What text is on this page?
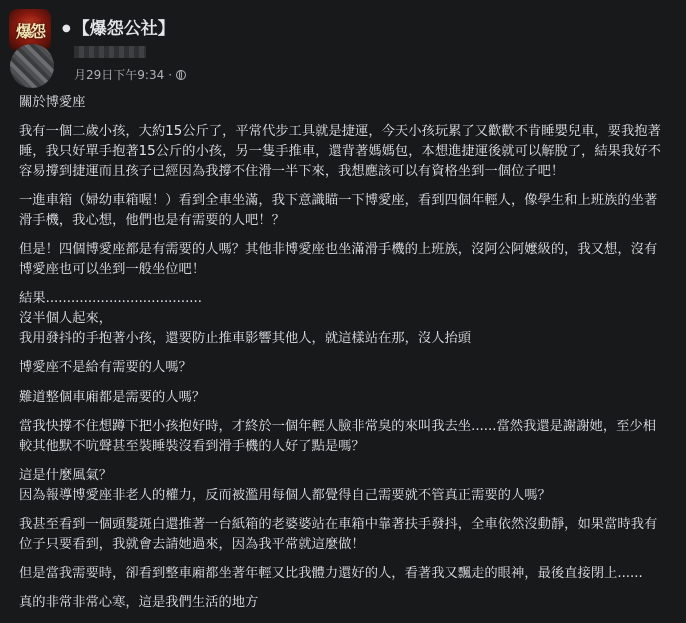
爆怨	● 【爆怨公社】
月29日下午9:34 ·

關於博愛座

我有一個二歲小孩，大約15公斤了，平常代步工具就是捷運，今天小孩玩累了又歡歡不肯睡嬰兒車，要我抱著睡，我只好單手抱著15公斤的小孩，另一隻手推車，還背著媽媽包，本想進捷運後就可以解脫了，結果我好不容易撐到捷運而且孩子已經因為我撐不住滑一半下來，我想應該可以有資格坐到一個位子吧！

一進車箱（婦幼車箱喔！）看到全車坐滿，我下意識瞄一下博愛座，看到四個年輕人，像學生和上班族的坐著滑手機，我心想，他們也是有需要的人吧！？

但是！四個博愛座都是有需要的人嗎？其他非博愛座也坐滿滑手機的上班族，沒阿公阿嬤級的，我又想，沒有博愛座也可以坐到一般坐位吧！

結果.....................................
沒半個人起來，
我用發抖的手抱著小孩，還要防止推車影響其他人，就這樣站在那，沒人抬頭

博愛座不是給有需要的人嗎？

難道整個車廂都是需要的人嗎？

當我快撐不住想蹲下把小孩抱好時，才終於一個年輕人臉非常臭的來叫我去坐......當然我還是謝謝她，至少相較其他默不吭聲甚至裝睡裝沒看到滑手機的人好了點是嗎？

這是什麼風氣？
因為報導博愛座非老人的權力，反而被濫用每個人都覺得自己需要就不管真正需要的人嗎？

我甚至看到一個頭髮斑白還推著一台紙箱的老婆婆站在車箱中靠著扶手發抖，全車依然沒動靜，如果當時我有位子只要看到，我就會去請她過來，因為我平常就這麼做！

但是當我需要時，卻看到整車廂都坐著年輕又比我體力還好的人，看著我又飄走的眼神，最後直接閉上......

真的非常非常心寒，這是我們生活的地方
